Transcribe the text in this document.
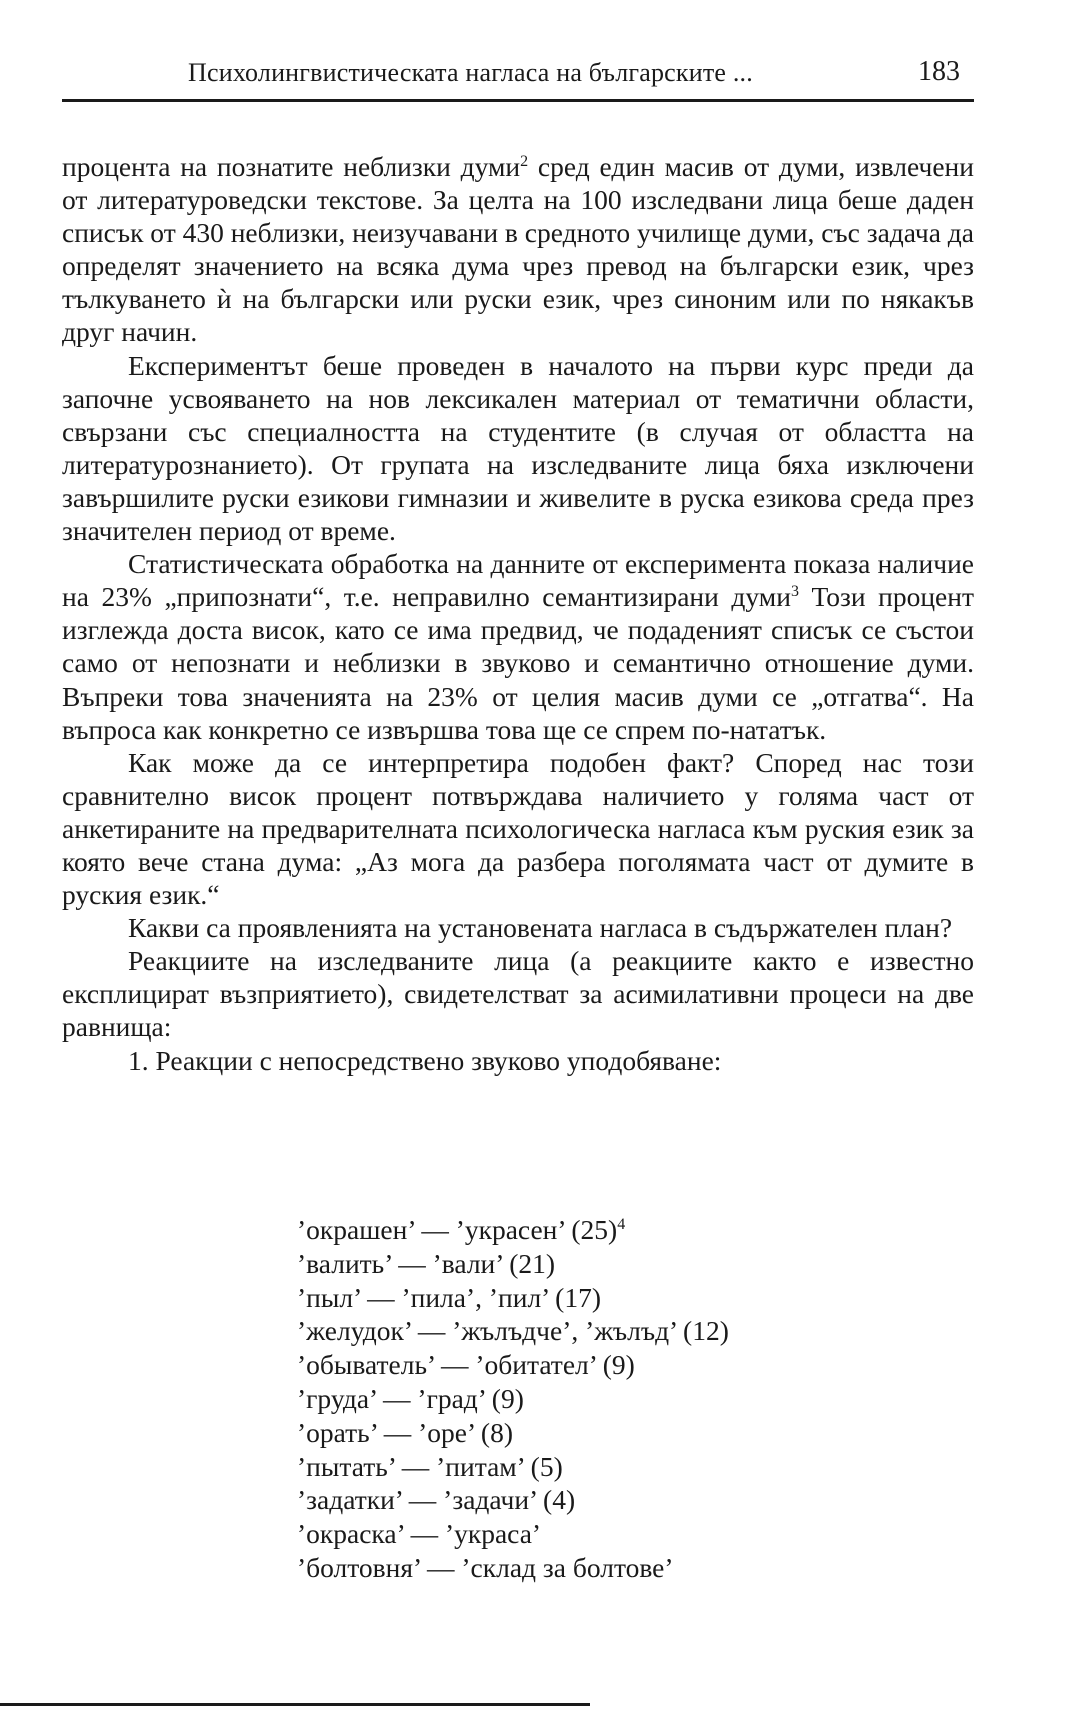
Психолингвистическата нагласа на българските ...	183

процента на познатите неблизки думи$^2$ сред един масив от думи, извлечени от литературоведски текстове. За целта на 100 изследвани лица беше даден списък от 430 неблизки, неизучавани в средното училище думи, със задача да определят значението на всяка дума чрез превод на български език, чрез тълкуването ѝ на български или руски език, чрез синоним или по някакъв друг начин.

Експериментът беше проведен в началото на първи курс преди да започне усвояването на нов лексикален материал от тематични области, свързани със специалността на студентите (в случая от областта на литературознанието). От групата на изследваните лица бяха изключени завършилите руски езикови гимназии и живелите в руска езикова среда през значителен период от време.

Статистическата обработка на данните от експеримента показа наличие на 23% „припознати“, т.е. неправилно семантизирани думи$^3$ Този процент изглежда доста висок, като се има предвид, че подаденият списък се състои само от непознати и неблизки в звуково и семантично отношение думи. Въпреки това значенията на 23% от целия масив думи се „отгатва“. На въпроса как конкретно се извършва това ще се спрем по-нататък.

Как може да се интерпретира подобен факт? Според нас този сравнително висок процент потвърждава наличието у голяма част от анкетираните на предварителната психологическа нагласа към руския език за която вече стана дума: „Аз мога да разбера поголямата част от думите в руския език.“

Какви са проявленията на установената нагласа в съдържателен план?

Реакциите на изследваните лица (а реакциите както е известно експлицират възприятието), свидетелстват за асимилативни процеси на две равнища:

1. Реакции с непосредствено звуково уподобяване:

’окрашен’ — ’украсен’ $(25)^4$
’валить’ — ’вали’ (21)
’пыл’ — ’пила’, ’пил’ (17)
’желудок’ — ’жълъдче’, ’жълъд’ (12)
’обыватель’ — ’обитател’ (9)
’груда’ — ’град’ (9)
’орать’ — ’оре’ (8)
’пытать’ — ’питам’ (5)
’задатки’ — ’задачи’ (4)
’окраска’ — ’украса’
’болтовня’ — ’склад за болтове’
